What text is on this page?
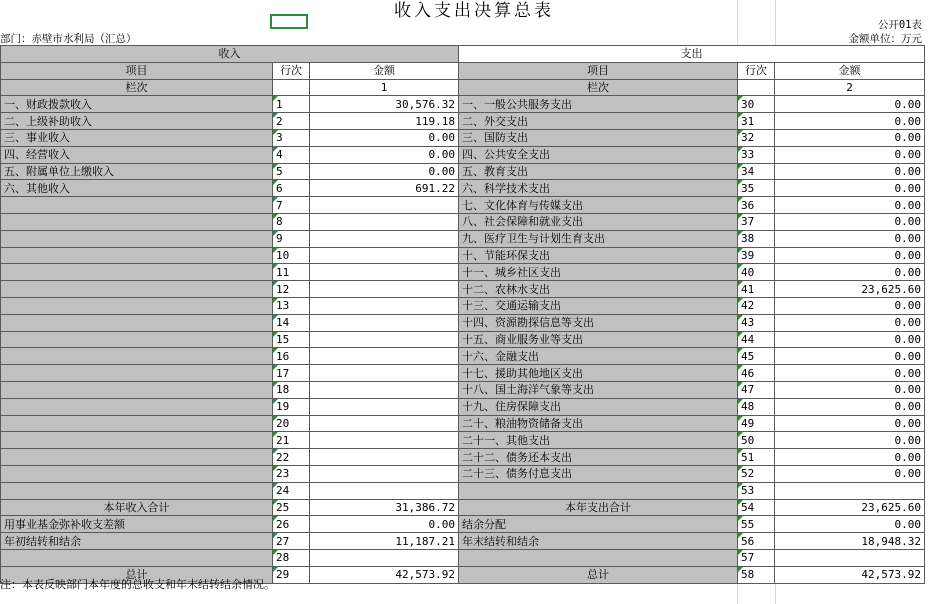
收入支出决算总表
公开01表
部门：赤壁市水利局（汇总）	金额单位：万元
收入			支出		
项目	行次	金额	项目	行次	金额
栏次		1	栏次		2
一、财政拨款收入	1	30,576.32	一、一般公共服务支出	30	0.00
二、上级补助收入	2	119.18	二、外交支出	31	0.00
三、事业收入	3	0.00	三、国防支出	32	0.00
四、经营收入	4	0.00	四、公共安全支出	33	0.00
五、附属单位上缴收入	5	0.00	五、教育支出	34	0.00
六、其他收入	6	691.22	六、科学技术支出	35	0.00
	7		七、文化体育与传媒支出	36	0.00
	8		八、社会保障和就业支出	37	0.00
	9		九、医疗卫生与计划生育支出	38	0.00
	10		十、节能环保支出	39	0.00
	11		十一、城乡社区支出	40	0.00
	12		十二、农林水支出	41	23,625.60
	13		十三、交通运输支出	42	0.00
	14		十四、资源勘探信息等支出	43	0.00
	15		十五、商业服务业等支出	44	0.00
	16		十六、金融支出	45	0.00
	17		十七、援助其他地区支出	46	0.00
	18		十八、国土海洋气象等支出	47	0.00
	19		十九、住房保障支出	48	0.00
	20		二十、粮油物资储备支出	49	0.00
	21		二十一、其他支出	50	0.00
	22		二十二、债务还本支出	51	0.00
	23		二十三、债务付息支出	52	0.00
	24			53	
本年收入合计	25	31,386.72	本年支出合计	54	23,625.60
用事业基金弥补收支差额	26	0.00	结余分配	55	0.00
年初结转和结余	27	11,187.21	年末结转和结余	56	18,948.32
	28			57	
总计	29	42,573.92	总计	58	42,573.92
注：本表反映部门本年度的总收支和年末结转结余情况。
